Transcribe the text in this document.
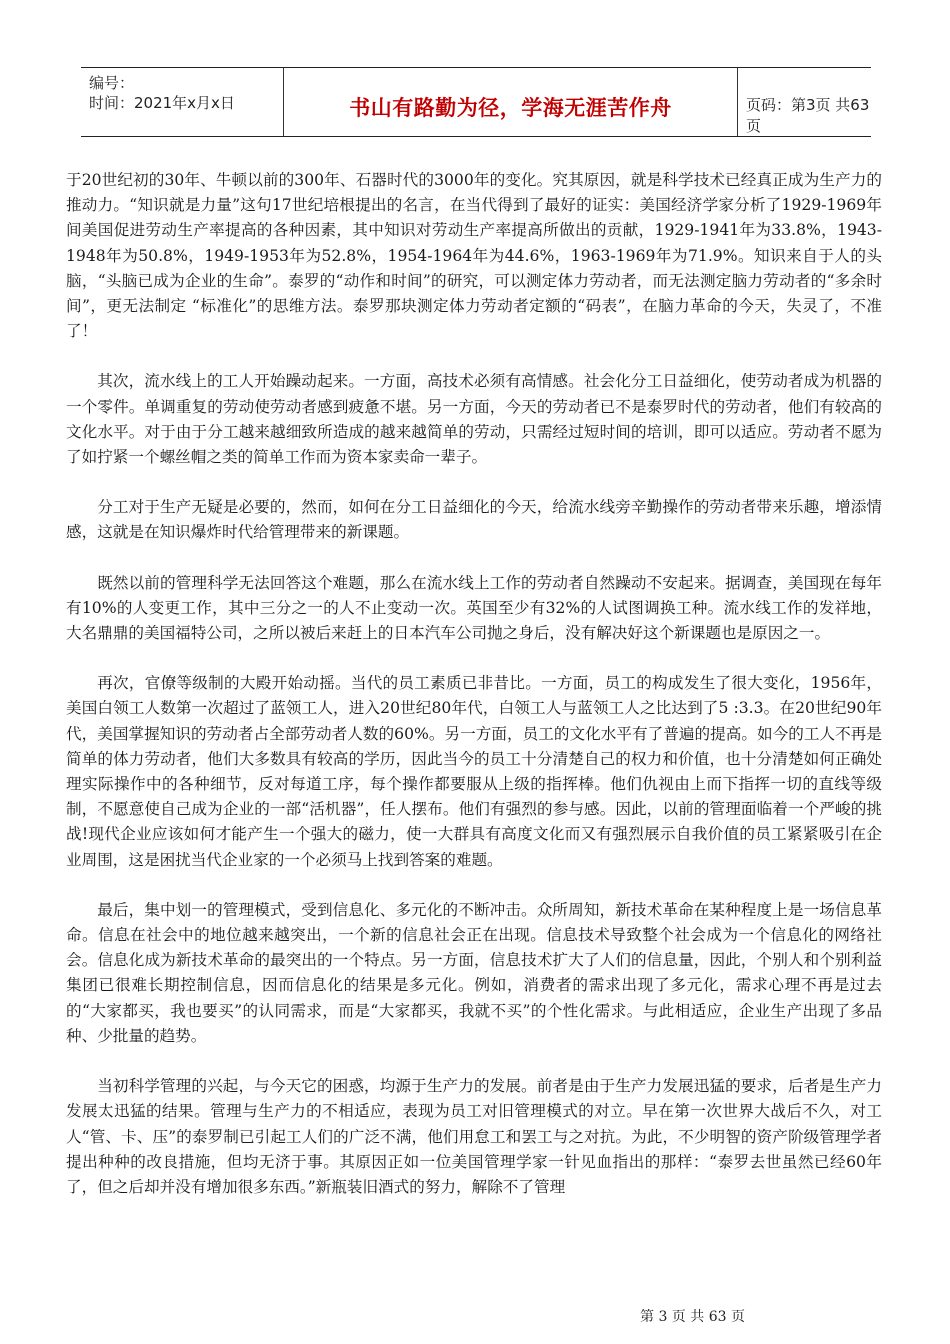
编号：
时间：2021年x月x日	书山有路勤为径，学海无涯苦作舟	页码：第3页 共63页

于20世纪初的30年、牛顿以前的300年、石器时代的3000年的变化。究其原因，就是科学技术已经真正成为生产力的推动力。“知识就是力量”这句17世纪培根提出的名言，在当代得到了最好的证实：美国经济学家分析了1929-1969年间美国促进劳动生产率提高的各种因素，其中知识对劳动生产率提高所做出的贡献，1929-1941年为33.8%，1943-1948年为50.8%，1949-1953年为52.8%，1954-1964年为44.6%，1963-1969年为71.9%。知识来自于人的头脑，“头脑已成为企业的生命”。泰罗的“动作和时间”的研究，可以测定体力劳动者，而无法测定脑力劳动者的“多余时间”，更无法制定 “标准化”的思维方法。泰罗那块测定体力劳动者定额的“码表”，在脑力革命的今天，失灵了，不准了！

其次，流水线上的工人开始躁动起来。一方面，高技术必须有高情感。社会化分工日益细化，使劳动者成为机器的一个零件。单调重复的劳动使劳动者感到疲惫不堪。另一方面，今天的劳动者已不是泰罗时代的劳动者，他们有较高的文化水平。对于由于分工越来越细致所造成的越来越简单的劳动，只需经过短时间的培训，即可以适应。劳动者不愿为了如拧紧一个螺丝帽之类的简单工作而为资本家卖命一辈子。

分工对于生产无疑是必要的，然而，如何在分工日益细化的今天，给流水线旁辛勤操作的劳动者带来乐趣，增添情感，这就是在知识爆炸时代给管理带来的新课题。

既然以前的管理科学无法回答这个难题，那么在流水线上工作的劳动者自然躁动不安起来。据调查，美国现在每年有10%的人变更工作，其中三分之一的人不止变动一次。英国至少有32%的人试图调换工种。流水线工作的发祥地，大名鼎鼎的美国福特公司，之所以被后来赶上的日本汽车公司抛之身后，没有解决好这个新课题也是原因之一。

再次，官僚等级制的大殿开始动摇。当代的员工素质已非昔比。一方面，员工的构成发生了很大变化，1956年，美国白领工人数第一次超过了蓝领工人，进入20世纪80年代，白领工人与蓝领工人之比达到了5 :3.3。在20世纪90年代，美国掌握知识的劳动者占全部劳动者人数的60%。另一方面，员工的文化水平有了普遍的提高。如今的工人不再是简单的体力劳动者，他们大多数具有较高的学历，因此当今的员工十分清楚自己的权力和价值，也十分清楚如何正确处理实际操作中的各种细节，反对每道工序，每个操作都要服从上级的指挥棒。他们仇视由上而下指挥一切的直线等级制，不愿意使自己成为企业的一部“活机器”，任人摆布。他们有强烈的参与感。因此，以前的管理面临着一个严峻的挑战!现代企业应该如何才能产生一个强大的磁力，使一大群具有高度文化而又有强烈展示自我价值的员工紧紧吸引在企业周围，这是困扰当代企业家的一个必须马上找到答案的难题。

最后，集中划一的管理模式，受到信息化、多元化的不断冲击。众所周知，新技术革命在某种程度上是一场信息革命。信息在社会中的地位越来越突出，一个新的信息社会正在出现。信息技术导致整个社会成为一个信息化的网络社会。信息化成为新技术革命的最突出的一个特点。另一方面，信息技术扩大了人们的信息量，因此，个别人和个别利益集团已很难长期控制信息，因而信息化的结果是多元化。例如，消费者的需求出现了多元化，需求心理不再是过去的“大家都买，我也要买”的认同需求，而是“大家都买，我就不买”的个性化需求。与此相适应，企业生产出现了多品种、少批量的趋势。

当初科学管理的兴起，与今天它的困惑，均源于生产力的发展。前者是由于生产力发展迅猛的要求，后者是生产力发展太迅猛的结果。管理与生产力的不相适应，表现为员工对旧管理模式的对立。早在第一次世界大战后不久，对工人“管、卡、压”的泰罗制已引起工人们的广泛不满，他们用怠工和罢工与之对抗。为此，不少明智的资产阶级管理学者提出种种的改良措施，但均无济于事。其原因正如一位美国管理学家一针见血指出的那样：“泰罗去世虽然已经60年了，但之后却并没有增加很多东西。”新瓶装旧酒式的努力，解除不了管理

第 3 页 共 63 页
